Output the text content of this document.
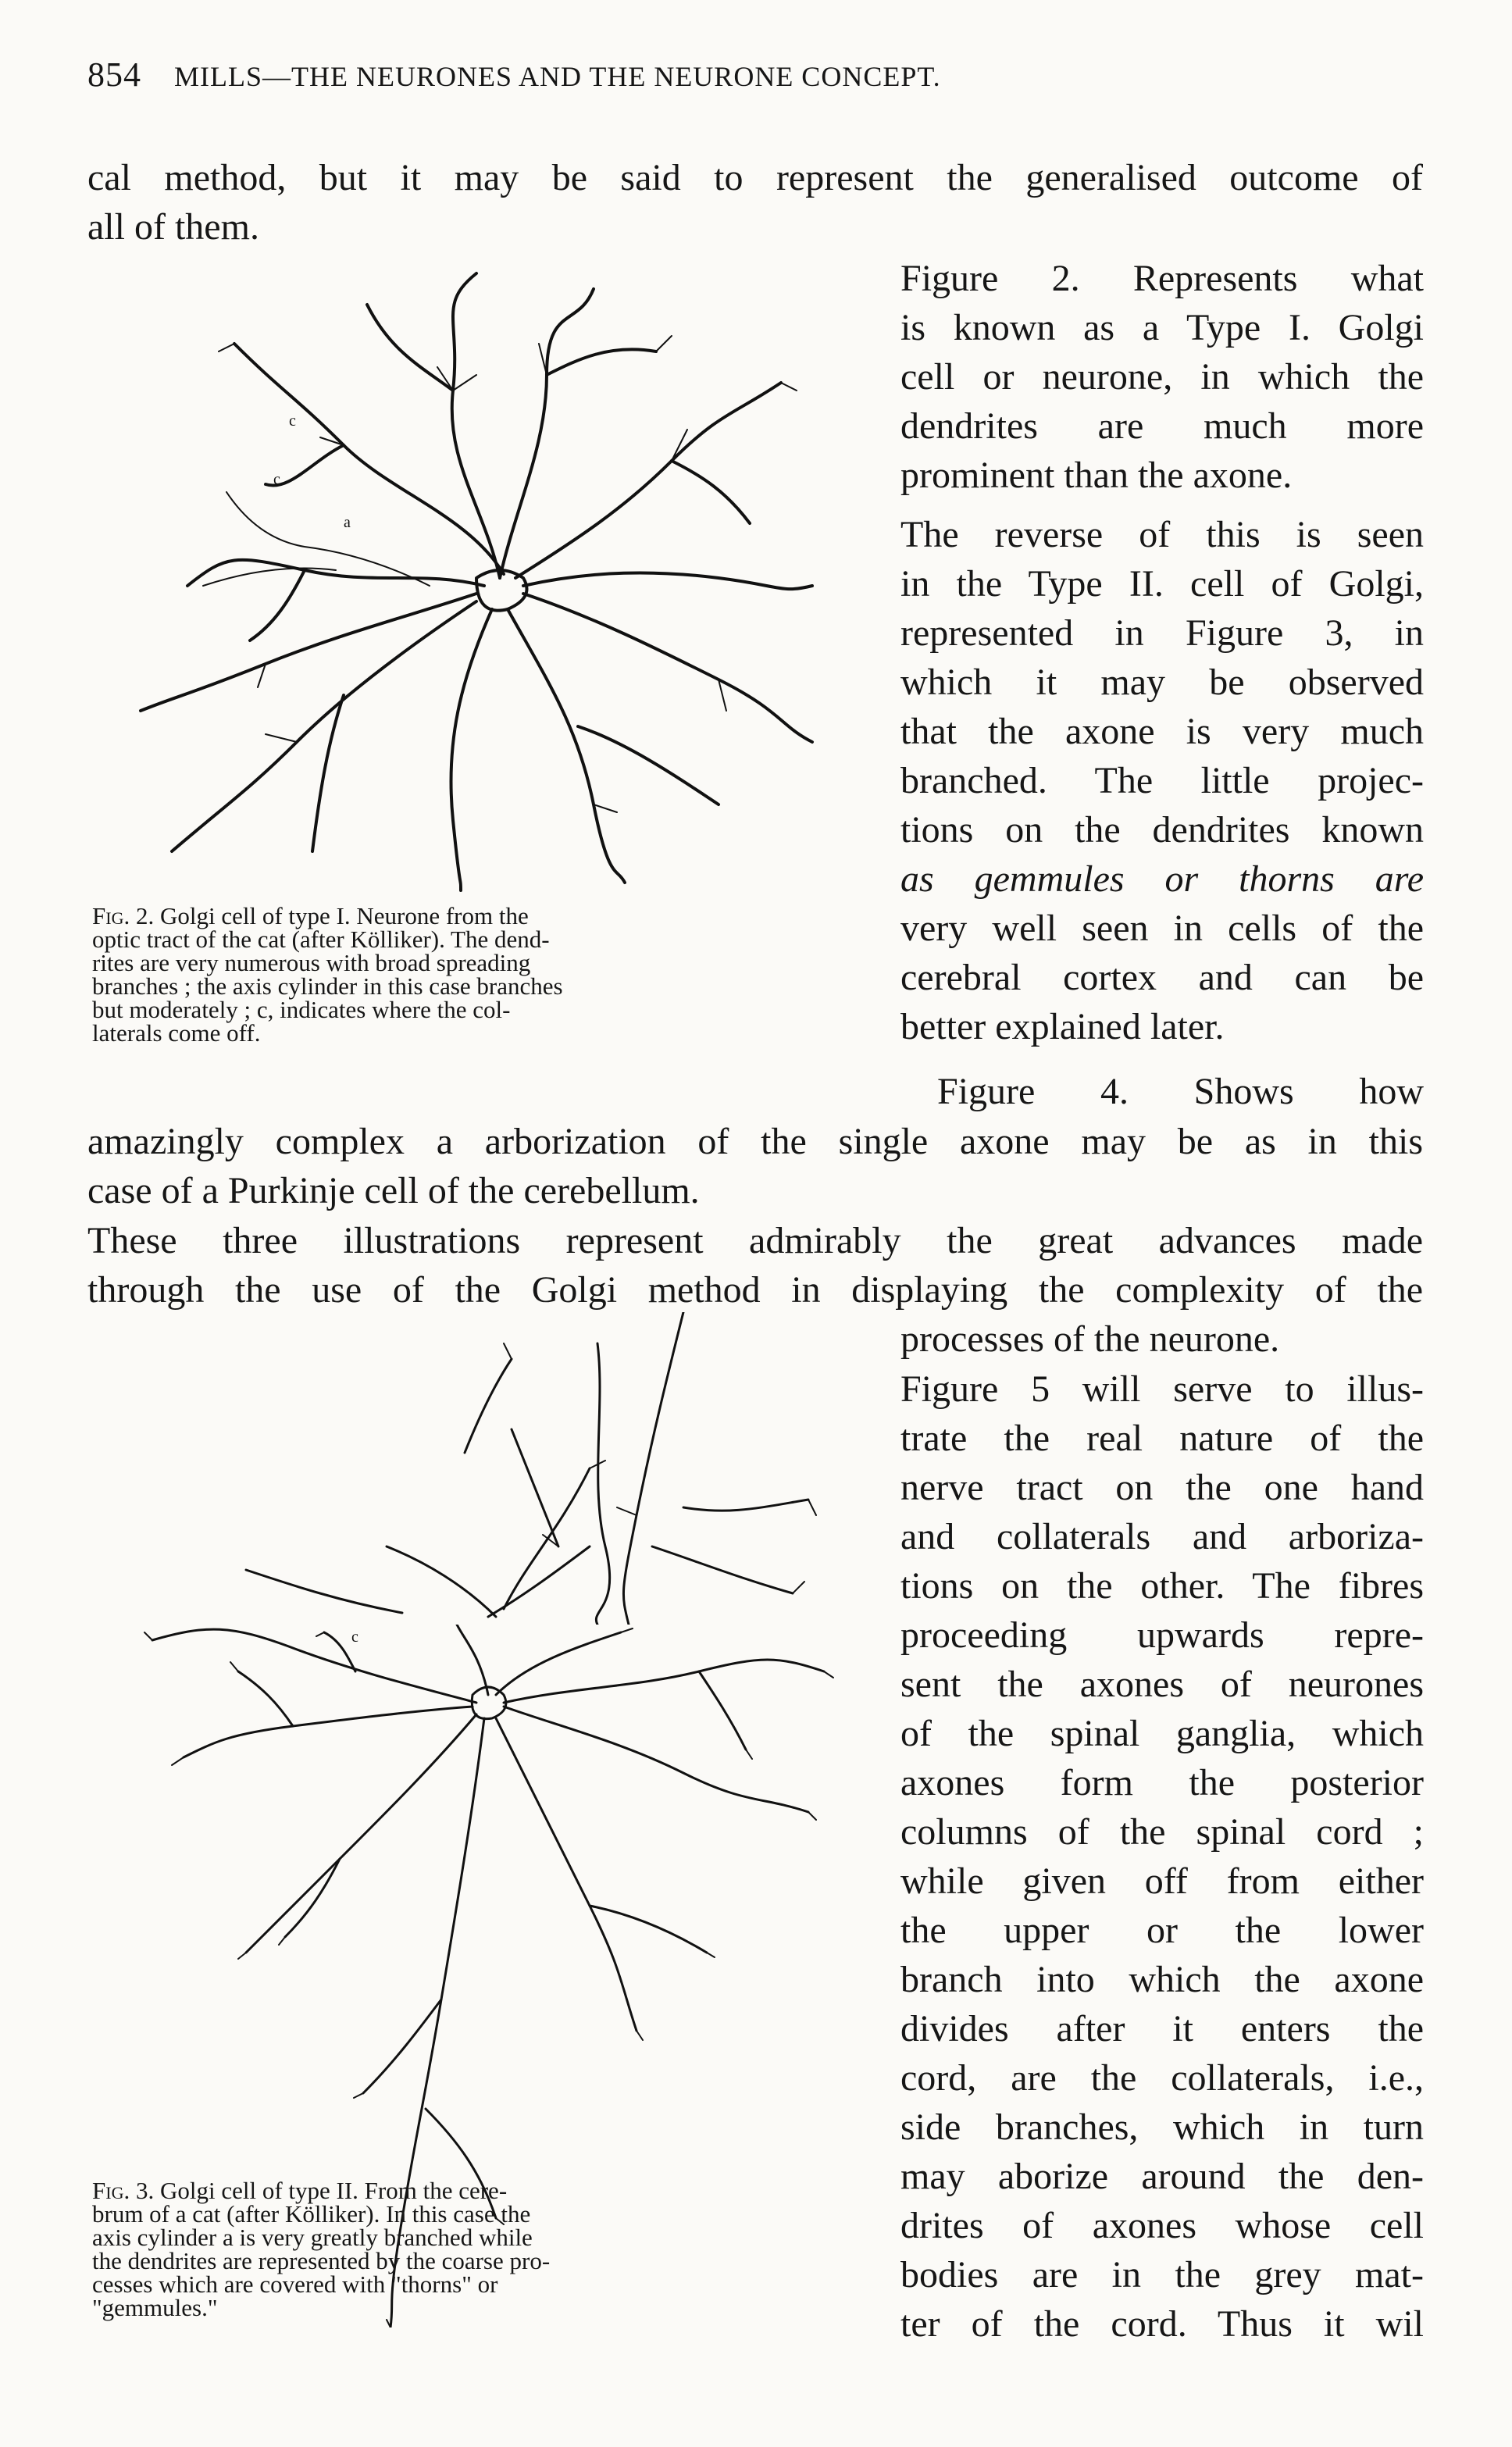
854 MILLS—THE NEURONES AND THE NEURONE CONCEPT.

cal method, but it may be said to represent the generalised outcome of
all of them.

c
c
a

Figure 2. Represents what
is known as a Type I. Golgi
cell or neurone, in which the
dendrites are much more
prominent than the axone.

The reverse of this is seen
in the Type II. cell of Golgi,
represented in Figure 3, in
which it may be observed
that the axone is very much
branched. The little projec-
tions on the dendrites known
as gemmules or thorns are
very well seen in cells of the
cerebral cortex and can be
better explained later.

Fig. 2. Golgi cell of type I. Neurone from the

optic tract of the cat (after Kölliker). The dend-
rites are very numerous with broad spreading
branches ; the axis cylinder in this case branches
but moderately ; c, indicates where the col-
laterals come off.

Figure 4. Shows how

amazingly complex a arborization of the single axone may be as in this
case of a Purkinje cell of the cerebellum.

These three illustrations represent admirably the great advances made
through the use of the Golgi method in displaying the complexity of the

processes of the neurone.

c

Figure 5 will serve to illus-
trate the real nature of the
nerve tract on the one hand
and collaterals and arboriza-
tions on the other. The fibres
proceeding upwards repre-
sent the axones of neurones
of the spinal ganglia, which
axones form the posterior
columns of the spinal cord ;
while given off from either
the upper or the lower
branch into which the axone
divides after it enters the
cord, are the collaterals, i.e.,
side branches, which in turn
may aborize around the den-
drites of axones whose cell
bodies are in the grey mat-
ter of the cord. Thus it wil

Fig. 3. Golgi cell of type II. From the cere-

brum of a cat (after Kölliker). In this case the
axis cylinder a is very greatly branched while
the dendrites are represented by the coarse pro-
cesses which are covered with "thorns" or
"gemmules."
